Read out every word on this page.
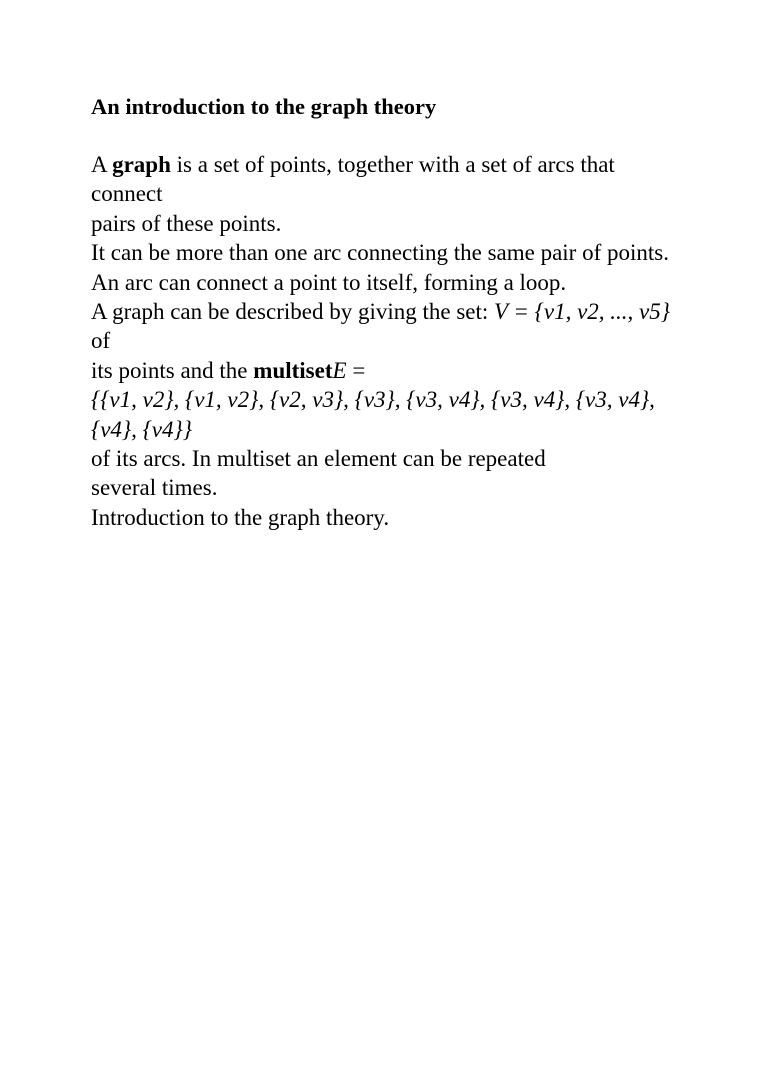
An introduction to the graph theory
A graph is a set of points, together with a set of arcs that connect
pairs of these points.
It can be more than one arc connecting the same pair of points.
An arc can connect a point to itself, forming a loop.
A graph can be described by giving the set: V = {v1, v2, ..., v5} of
its points and the multisetE =
{{v1, v2}, {v1, v2}, {v2, v3}, {v3}, {v3, v4}, {v3, v4}, {v3, v4}, {v4}, {v4}}
of its arcs. In multiset an element can be repeated several times.
Introduction to the graph theory.
